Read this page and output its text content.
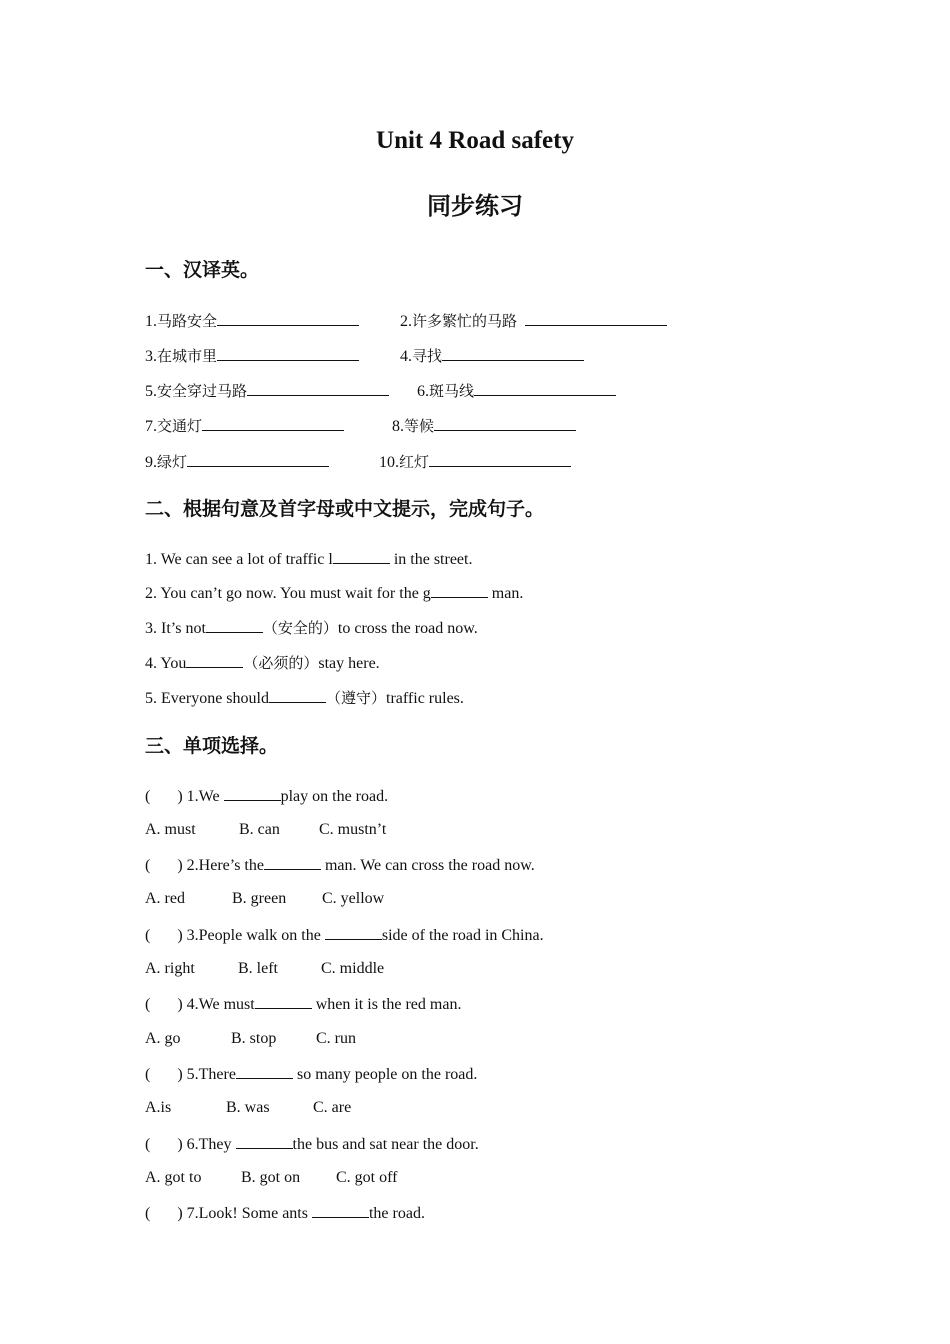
Unit 4 Road safety
同步练习
一、汉译英。
1.马路安全	2.许多繁忙的马路
3.在城市里	4.寻找
5.安全穿过马路	6.斑马线
7.交通灯	8.等候
9.绿灯	10.红灯
二、根据句意及首字母或中文提示，完成句子。
1. We can see a lot of traffic l	in the street.
2. You can’t go now. You must wait for the g	man.
3. It’s not	（安全的）to cross the road now.
4. You	（必须的）stay here.
5. Everyone should	（遵守）traffic rules.
三、单项选择。
( ) 1.We	play on the road.
A. must	B. can C. mustn’t
( ) 2.Here’s the	man. We can cross the road now.
A. red	B. green C. yellow
( ) 3.People walk on the	side of the road in China.
A. right	B. left	C. middle
( ) 4.We must	when it is the red man.
A. go	B. stop C. run
( ) 5.There	so many people on the road.
A.is	B. was	C. are
( ) 6.They	the bus and sat near the door.
A. got to B. got on C. got off
( ) 7.Look! Some ants	the road.
